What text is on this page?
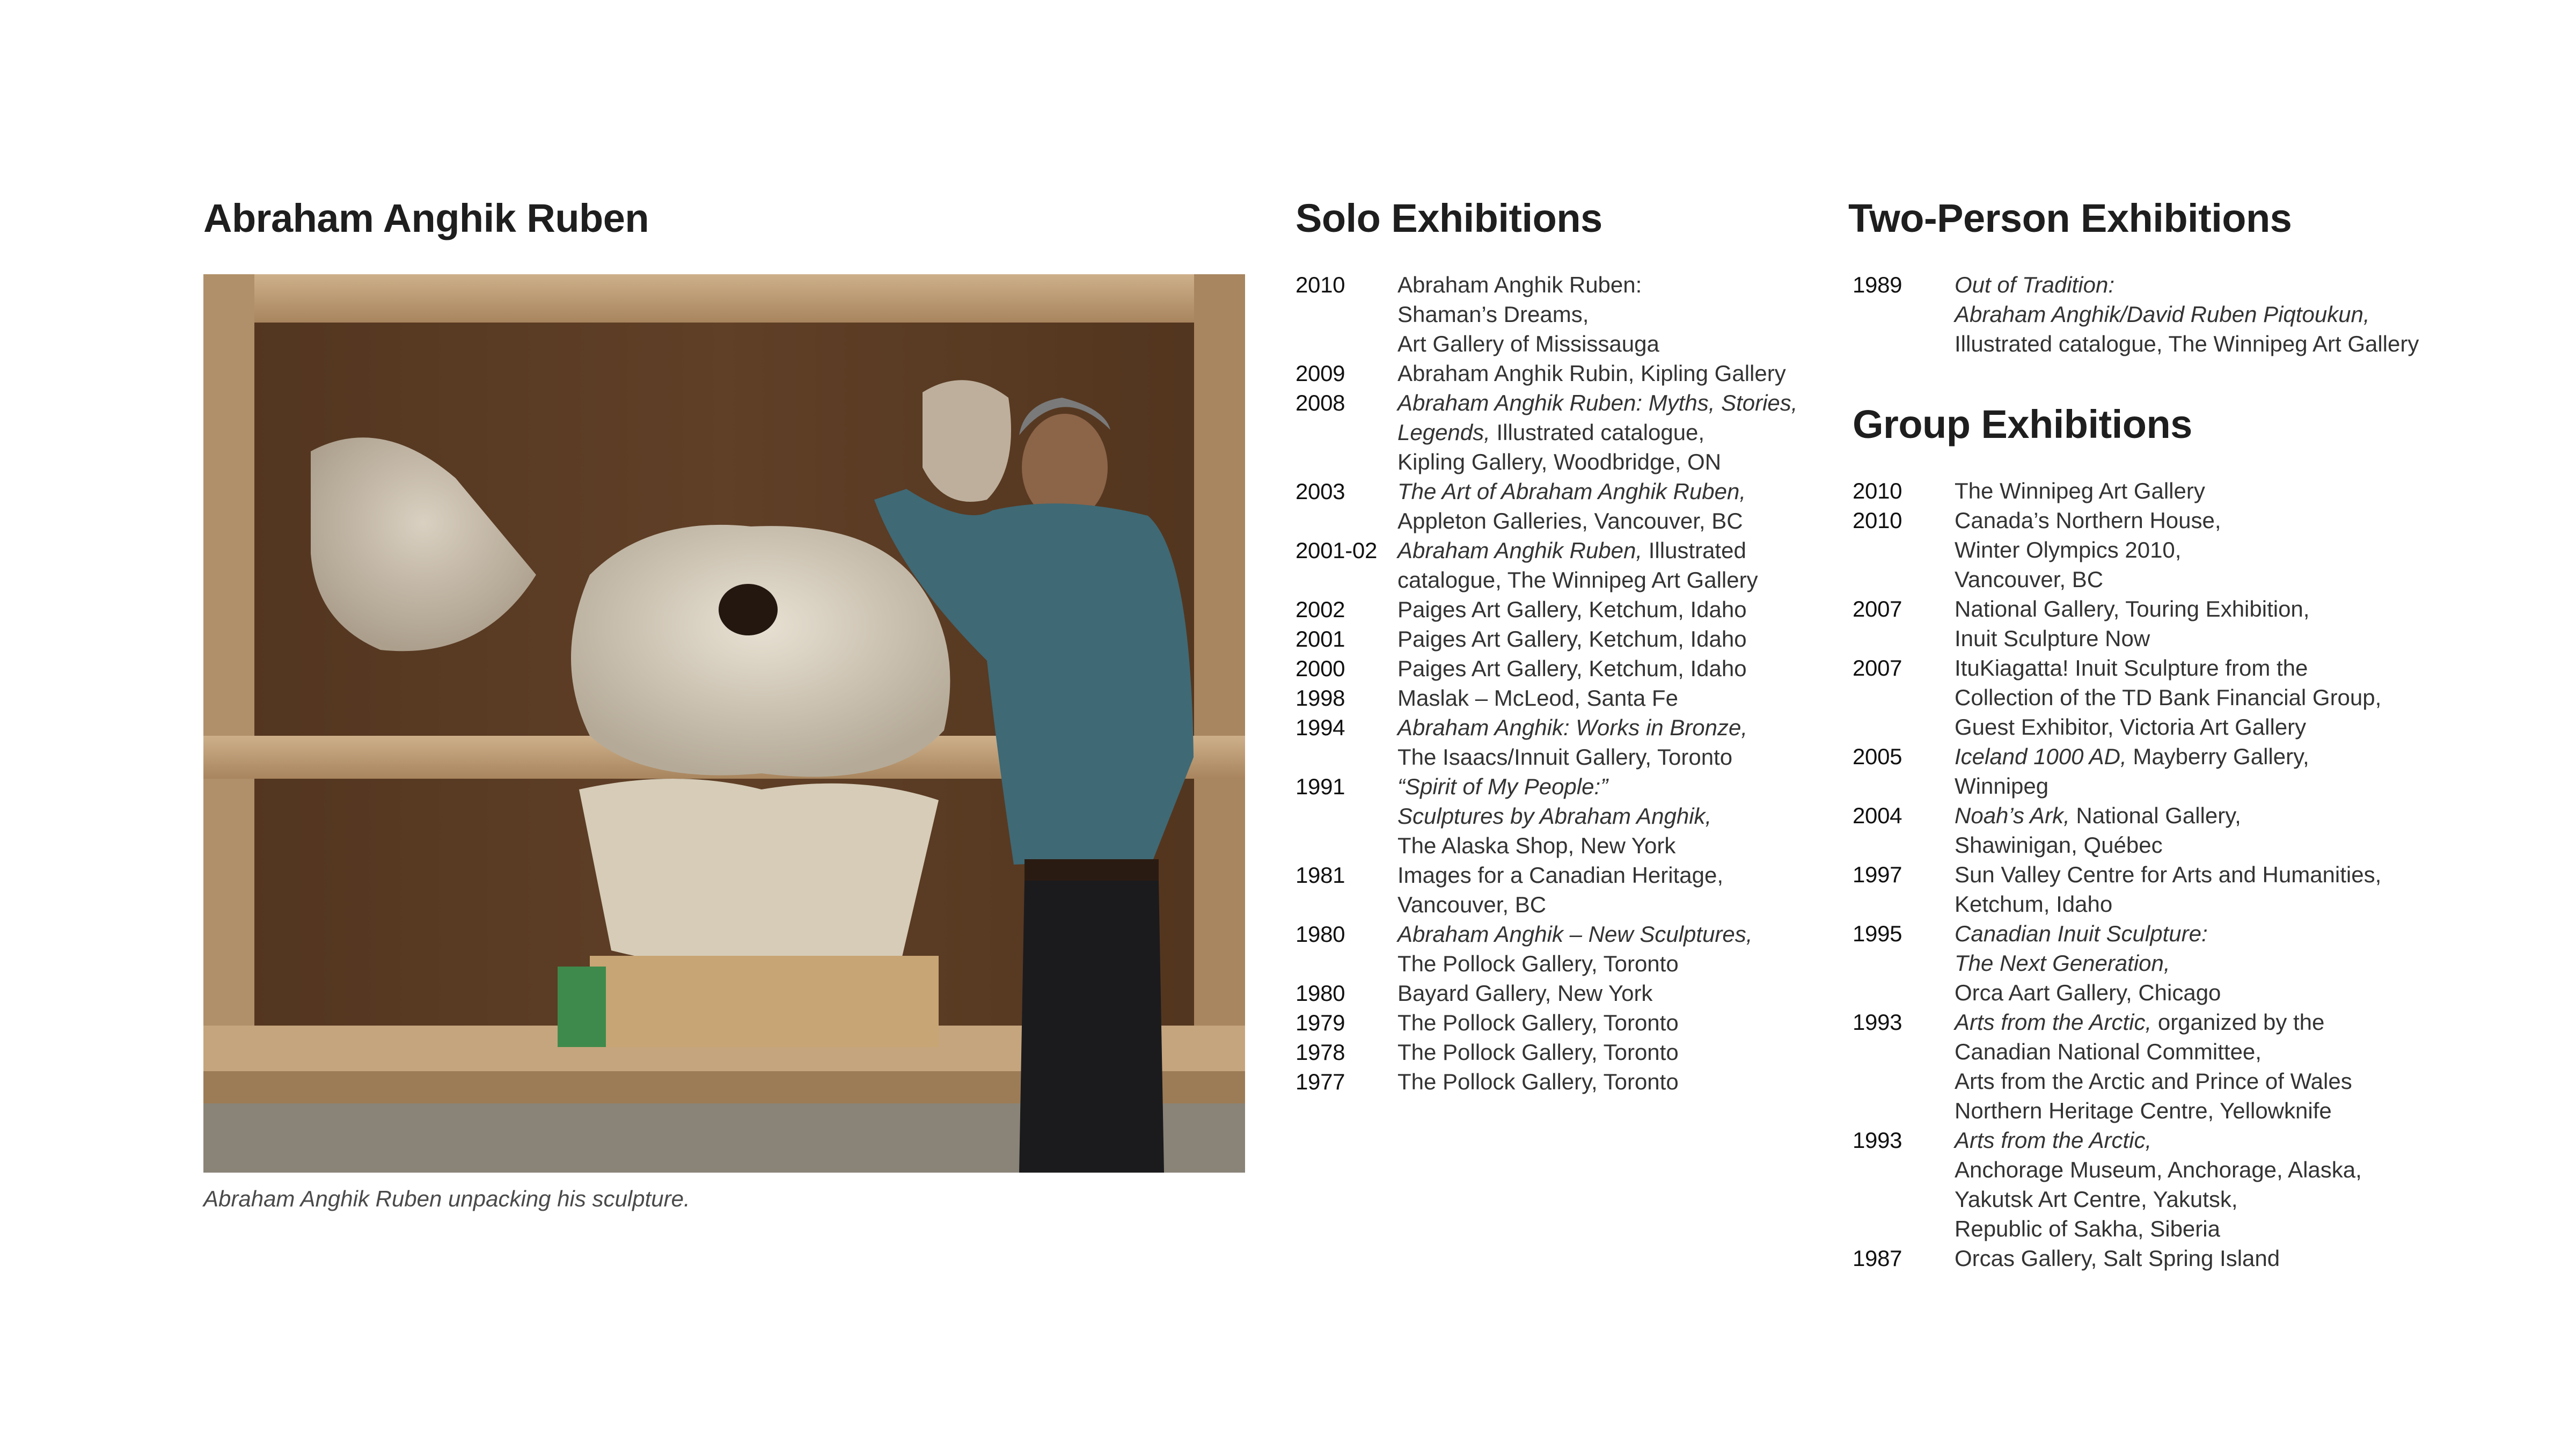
Abraham Anghik Ruben

Abraham Anghik Ruben unpacking his sculpture.

Solo Exhibitions
2010	Abraham Anghik Ruben:
Shaman’s Dreams,
Art Gallery of Mississauga
2009	Abraham Anghik Rubin, Kipling Gallery
2008	Abraham Anghik Ruben: Myths, Stories,
Legends, Illustrated catalogue,
Kipling Gallery, Woodbridge, ON
2003	The Art of Abraham Anghik Ruben,
Appleton Galleries, Vancouver, BC
2001-02 Abraham Anghik Ruben, Illustrated
catalogue, The Winnipeg Art Gallery
2002	Paiges Art Gallery, Ketchum, Idaho
2001	Paiges Art Gallery, Ketchum, Idaho
2000	Paiges Art Gallery, Ketchum, Idaho
1998	Maslak – McLeod, Santa Fe
1994	Abraham Anghik: Works in Bronze,
The Isaacs/Innuit Gallery, Toronto
1991	“Spirit of My People:”
Sculptures by Abraham Anghik,
The Alaska Shop, New York
1981	Images for a Canadian Heritage,
Vancouver, BC
1980	Abraham Anghik – New Sculptures,
The Pollock Gallery, Toronto
1980	Bayard Gallery, New York
1979	The Pollock Gallery, Toronto
1978	The Pollock Gallery, Toronto
1977	The Pollock Gallery, Toronto
Two-Person Exhibitions
1989	Out of Tradition:
Abraham Anghik/David Ruben Piqtoukun,
Illustrated catalogue, The Winnipeg Art Gallery
Group Exhibitions
2010	The Winnipeg Art Gallery
2010	Canada’s Northern House,
Winter Olympics 2010,
Vancouver, BC
2007	National Gallery, Touring Exhibition,
Inuit Sculpture Now
2007	ItuKiagatta! Inuit Sculpture from the
Collection of the TD Bank Financial Group,
Guest Exhibitor, Victoria Art Gallery
2005	Iceland 1000 AD, Mayberry Gallery,
Winnipeg
2004	Noah’s Ark, National Gallery,
Shawinigan, Québec
1997	Sun Valley Centre for Arts and Humanities,
Ketchum, Idaho
1995	Canadian Inuit Sculpture:
The Next Generation,
Orca Aart Gallery, Chicago
1993	Arts from the Arctic, organized by the
Canadian National Committee,
Arts from the Arctic and Prince of Wales
Northern Heritage Centre, Yellowknife
1993	Arts from the Arctic,
Anchorage Museum, Anchorage, Alaska,
Yakutsk Art Centre, Yakutsk,
Republic of Sakha, Siberia
1987	Orcas Gallery, Salt Spring Island
